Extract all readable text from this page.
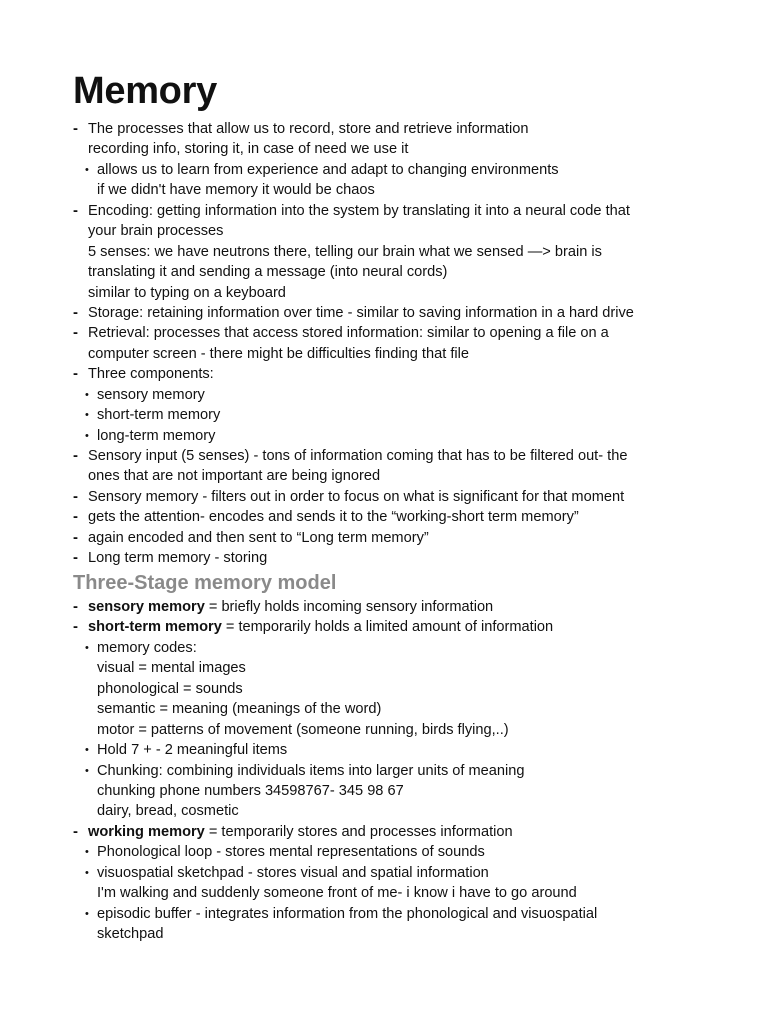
Memory
- The processes that allow us to record, store and retrieve information
recording info, storing it, in case of need we use it
• allows us to learn from experience and adapt to changing environments
if we didn't have memory it would be chaos
- Encoding: getting information into the system by translating it into a neural code that
your brain processes
5 senses: we have neutrons there, telling our brain what we sensed —> brain is
translating it and sending a message (into neural cords)
similar to typing on a keyboard
- Storage: retaining information over time - similar to saving information in a hard drive
- Retrieval: processes that access stored information: similar to opening a file on a
computer screen - there might be difficulties finding that file
- Three components:
• sensory memory
• short-term memory
• long-term memory
- Sensory input (5 senses) - tons of information coming that has to be filtered out- the
ones that are not important are being ignored
- Sensory memory - filters out in order to focus on what is significant for that moment
- gets the attention- encodes and sends it to the “working-short term memory”
- again encoded and then sent to “Long term memory”
- Long term memory - storing
Three-Stage memory model
- sensory memory = briefly holds incoming sensory information
- short-term memory = temporarily holds a limited amount of information
• memory codes:
visual = mental images
phonological = sounds
semantic = meaning (meanings of the word)
motor = patterns of movement (someone running, birds flying,..)
• Hold 7 + - 2 meaningful items
• Chunking: combining individuals items into larger units of meaning
chunking phone numbers 34598767- 345 98 67
dairy, bread, cosmetic
- working memory = temporarily stores and processes information
• Phonological loop - stores mental representations of sounds
• visuospatial sketchpad - stores visual and spatial information
I'm walking and suddenly someone front of me- i know i have to go around
• episodic buffer - integrates information from the phonological and visuospatial
sketchpad
